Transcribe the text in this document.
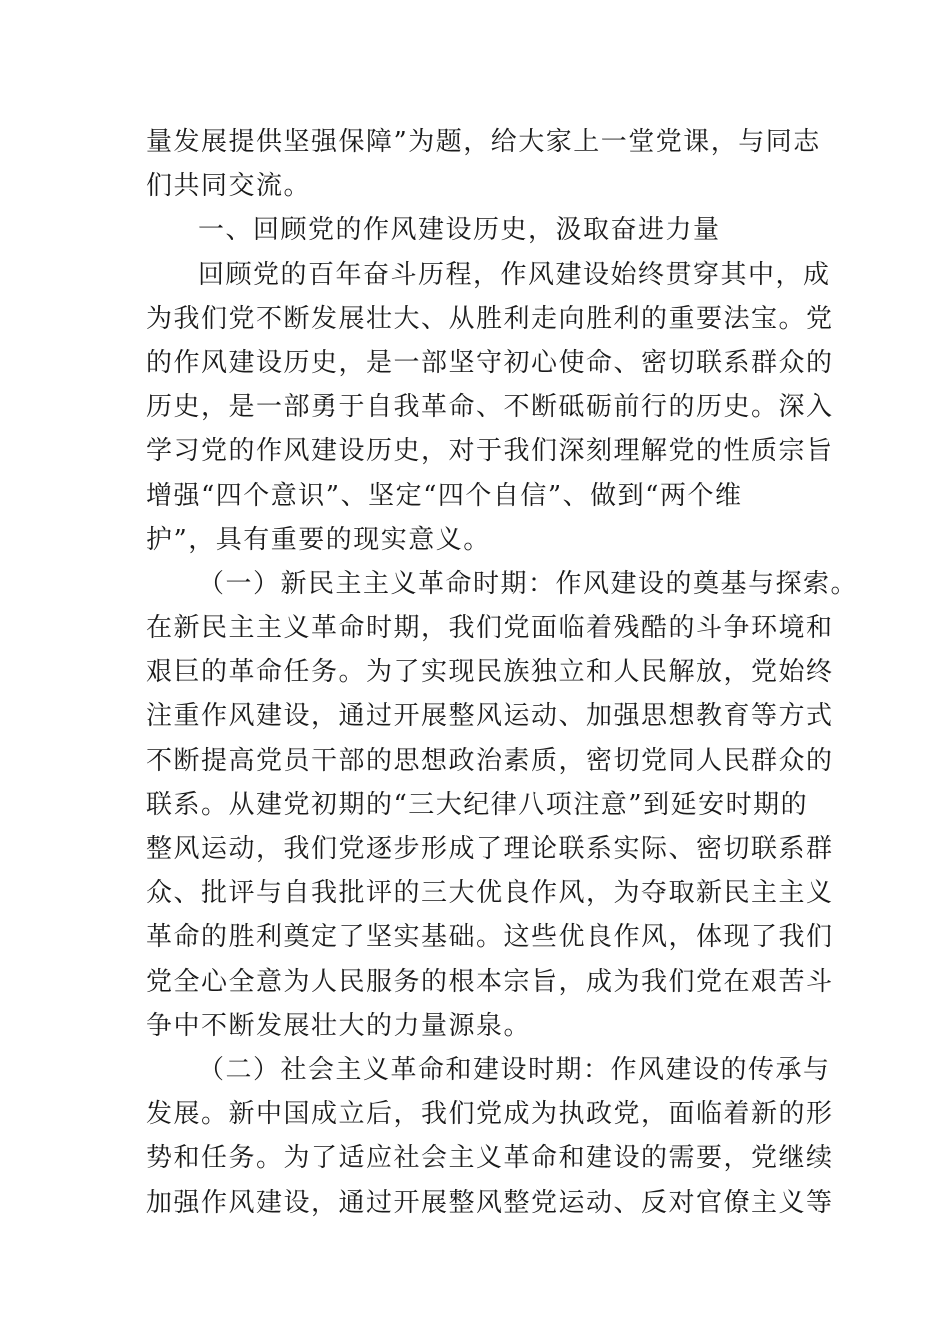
量发展提供坚强保障”为题，给大家上一堂党课，与同志
们共同交流。
一、回顾党的作风建设历史，汲取奋进力量
回顾党的百年奋斗历程，作风建设始终贯穿其中，成
为我们党不断发展壮大、从胜利走向胜利的重要法宝。党
的作风建设历史，是一部坚守初心使命、密切联系群众的
历史，是一部勇于自我革命、不断砥砺前行的历史。深入
学习党的作风建设历史，对于我们深刻理解党的性质宗旨
增强“四个意识”、坚定“四个自信”、做到“两个维
护”，具有重要的现实意义。
（一）新民主主义革命时期：作风建设的奠基与探索。
在新民主主义革命时期，我们党面临着残酷的斗争环境和
艰巨的革命任务。为了实现民族独立和人民解放，党始终
注重作风建设，通过开展整风运动、加强思想教育等方式
不断提高党员干部的思想政治素质，密切党同人民群众的
联系。从建党初期的“三大纪律八项注意”到延安时期的
整风运动，我们党逐步形成了理论联系实际、密切联系群
众、批评与自我批评的三大优良作风，为夺取新民主主义
革命的胜利奠定了坚实基础。这些优良作风，体现了我们
党全心全意为人民服务的根本宗旨，成为我们党在艰苦斗
争中不断发展壮大的力量源泉。
（二）社会主义革命和建设时期：作风建设的传承与
发展。新中国成立后，我们党成为执政党，面临着新的形
势和任务。为了适应社会主义革命和建设的需要，党继续
加强作风建设，通过开展整风整党运动、反对官僚主义等
